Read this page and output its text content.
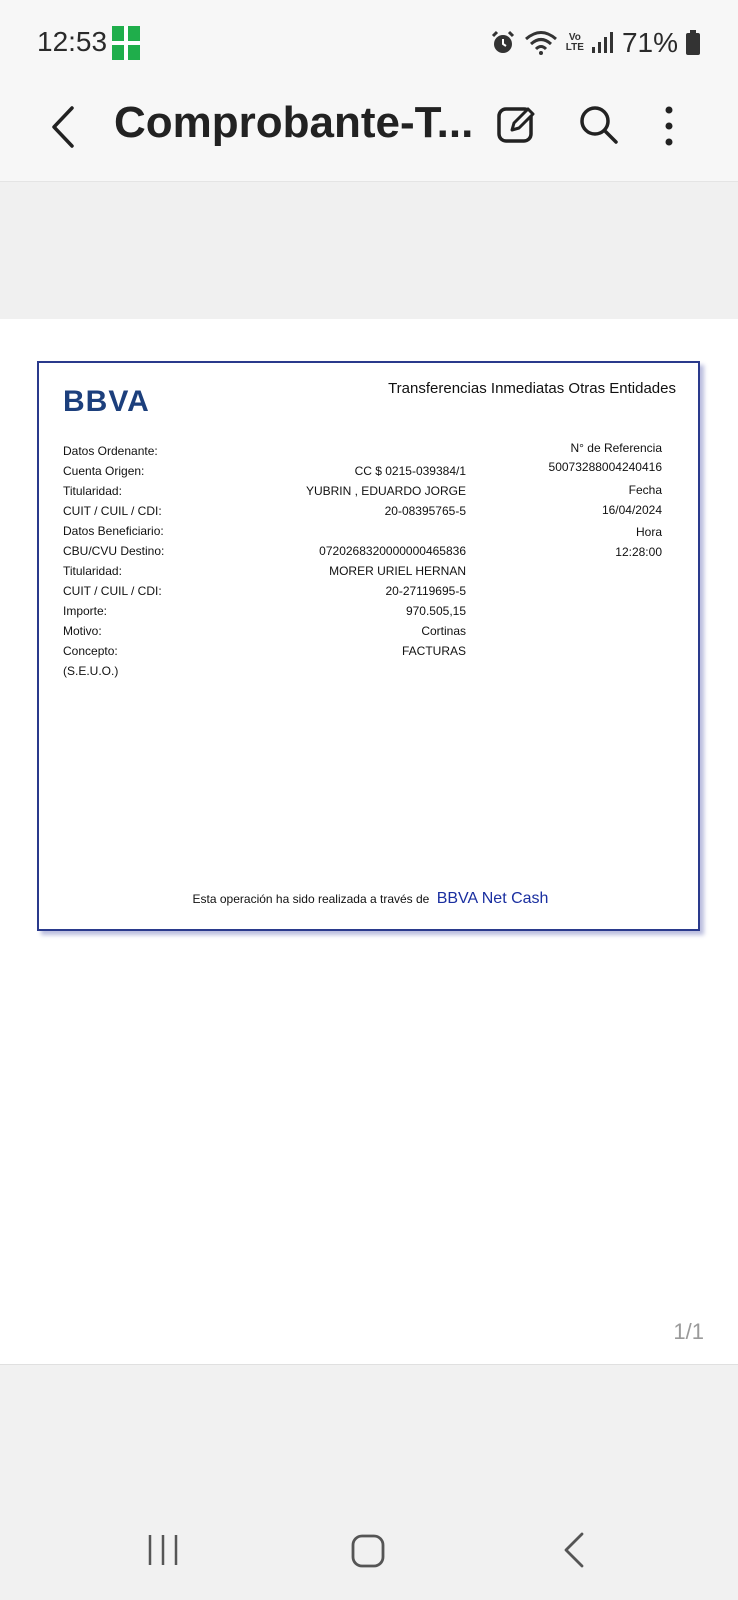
12:53	Vo
LTE 71%
Comprobante-T...
BBVA	Transferencias Inmediatas Otras Entidades
Datos Ordenante:
Cuenta Origen:
Titularidad:
CUIT / CUIL / CDI:
Datos Beneficiario:
CBU/CVU Destino:
Titularidad:
CUIT / CUIL / CDI:
Importe:
Motivo:
Concepto:
(S.E.U.O.)
CC $ 0215-039384/1
YUBRIN , EDUARDO JORGE
20-08395765-5
0720268320000000465836
MORER URIEL HERNAN
20-27119695-5
970.505,15
Cortinas
FACTURAS
N° de Referencia
50073288004240416
Fecha
16/04/2024
Hora
12:28:00
Esta operación ha sido realizada a través de BBVA Net Cash
1/1
